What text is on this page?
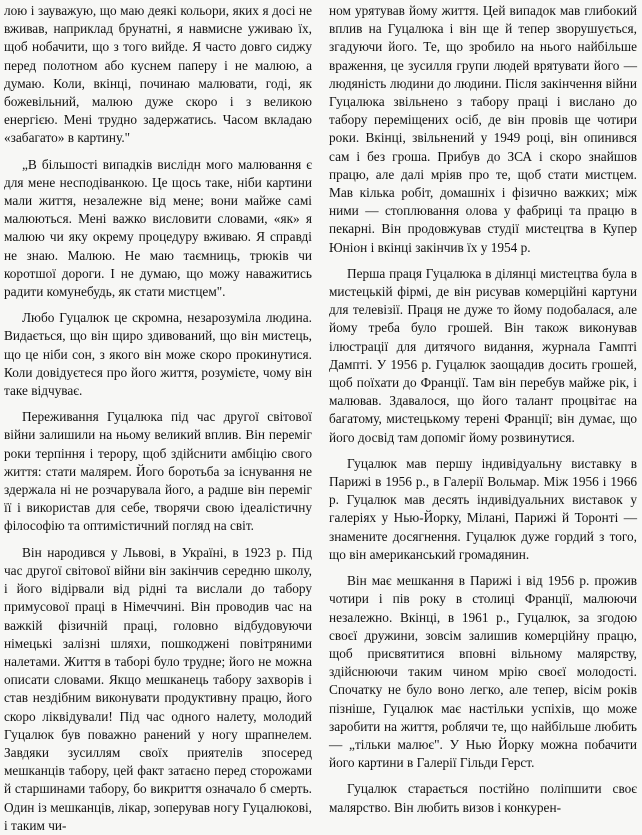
лою і зауважую, що маю деякі кольори, яких я досі не вживав, наприклад брунатні, я навмисне уживаю їх, щоб нобачити, що з того вийде. Я часто довго сиджу перед полотном або куснем паперу і не малюю, а думаю. Коли, вкінці, починаю малювати, годі, як божевільний, малюю дуже скоро і з великою енергією. Мені трудно задержатись. Часом вкладаю «забагато» в картину."

„В більшості випадків вислідн мого малювання є для мене несподіванкою. Це щось таке, ніби картини мали життя, незалежне від мене; вони майже самі малюються. Мені важко висловити словами, «як» я малюю чи яку окрему процедуру вживаю. Я справді не знаю. Малюю. Не маю таємниць, трюків чи коротшої дороги. І не думаю, що можу наважитись радити комунебудь, як стати мистцем".

Любо Гуцалюк це скромна, незарозуміла людина. Видається, що він щиро здивований, що він мистець, що це ніби сон, з якого він може скоро прокинутися. Коли довідуєтеся про його життя, розумієте, чому він таке відчуває.

Переживання Гуцалюка під час другої світової війни залишили на ньому великий вплив. Він переміг роки терпіння і терору, щоб здійснити амбіцію свого життя: стати малярем. Його боротьба за існування не здержала ні не розчарувала його, а радше він переміг її і використав для себе, творячи свою ідеалістичну філософію та оптимістичний погляд на світ.

Він народився у Львові, в Україні, в 1923 р. Під час другої світової війни він закінчив середню школу, і його відірвали від рідні та вислали до табору примусової праці в Німеччині. Він проводив час на важкій фізичній праці, головно відбудовуючи німецькі залізні шляхи, пошкоджені повітряними налетами. Життя в таборі було трудне; його не можна описати словами. Якщо мешканець табору захворів і став нездібним виконувати продуктивну працю, його скоро ліквідували! Під час одного налету, молодий Гуцалюк був поважно ранений у ногу шрапнелем. Завдяки зусиллям своїх приятелів зпосеред мешканців табору, цей факт затаєно перед сторожами й старшинами табору, бо викриття означало б смерть. Один із мешканців, лікар, зоперував ногу Гуцалюкові, і таким чи-

ном урятував йому життя. Цей випадок мав глибокий вплив на Гуцалюка і він ще й тепер зворушується, згадуючи його. Те, що зробило на нього найбільше враження, це зусилля групи людей врятувати його — людяність людини до людини. Після закінчення війни Гуцалюка звільнено з табору праці і вислано до табору переміщених осіб, де він провів ще чотири роки. Вкінці, звільнений у 1949 році, він опинився сам і без гроша. Прибув до ЗСА і скоро знайшов працю, але далі мріяв про те, щоб стати мистцем. Мав кілька робіт, домашніх і фізично важких; між ними — стоплювання олова у фабриці та працю в пекарні. Він продовжував студії мистецтва в Купер Юніон і вкінці закінчив їх у 1954 р.

Перша праця Гуцалюка в ділянці мистецтва була в мистецькій фірмі, де він рисував комерційні картуни для телевізії. Праця не дуже то йому подобалася, але йому треба було грошей. Він також виконував ілюстрації для дитячого видання, журнала Гамптi Дамптi. У 1956 р. Гуцалюк заощадив досить грошей, щоб поїхати до Франції. Там він перебув майже рік, і малював. Здавалося, що його талант процвітає на багатому, мистецькому терені Франції; він думає, що його досвід там допоміг йому розвинутися.

Гуцалюк мав першу індивідуальну виставку в Парижі в 1956 р., в Галерії Вольмар. Між 1956 і 1966 р. Гуцалюк мав десять індивідуальних виставок у галеріях у Нью-Йорку, Мілані, Парижі й Торонті — знамените досягнення. Гуцалюк дуже гордий з того, що він американський громадянин.

Він має мешкання в Парижі і від 1956 р. прожив чотири і пів року в столиці Франції, малюючи незалежно. Вкінці, в 1961 р., Гуцалюк, за згодою своєї дружини, зовсім залишив комерційну працю, щоб присвятитися вповні вільному малярству, здійснюючи таким чином мрію своєї молодості. Спочатку не було воно легко, але тепер, вісім років пізніше, Гуцалюк має настільки успіхів, що може заробити на життя, роблячи те, що найбільше любить — „тільки малює". У Нью Йорку можна побачити його картини в Галерії Гільди Герст.

Гуцалюк старається постійно поліпшити своє малярство. Він любить визов і конкурен-
